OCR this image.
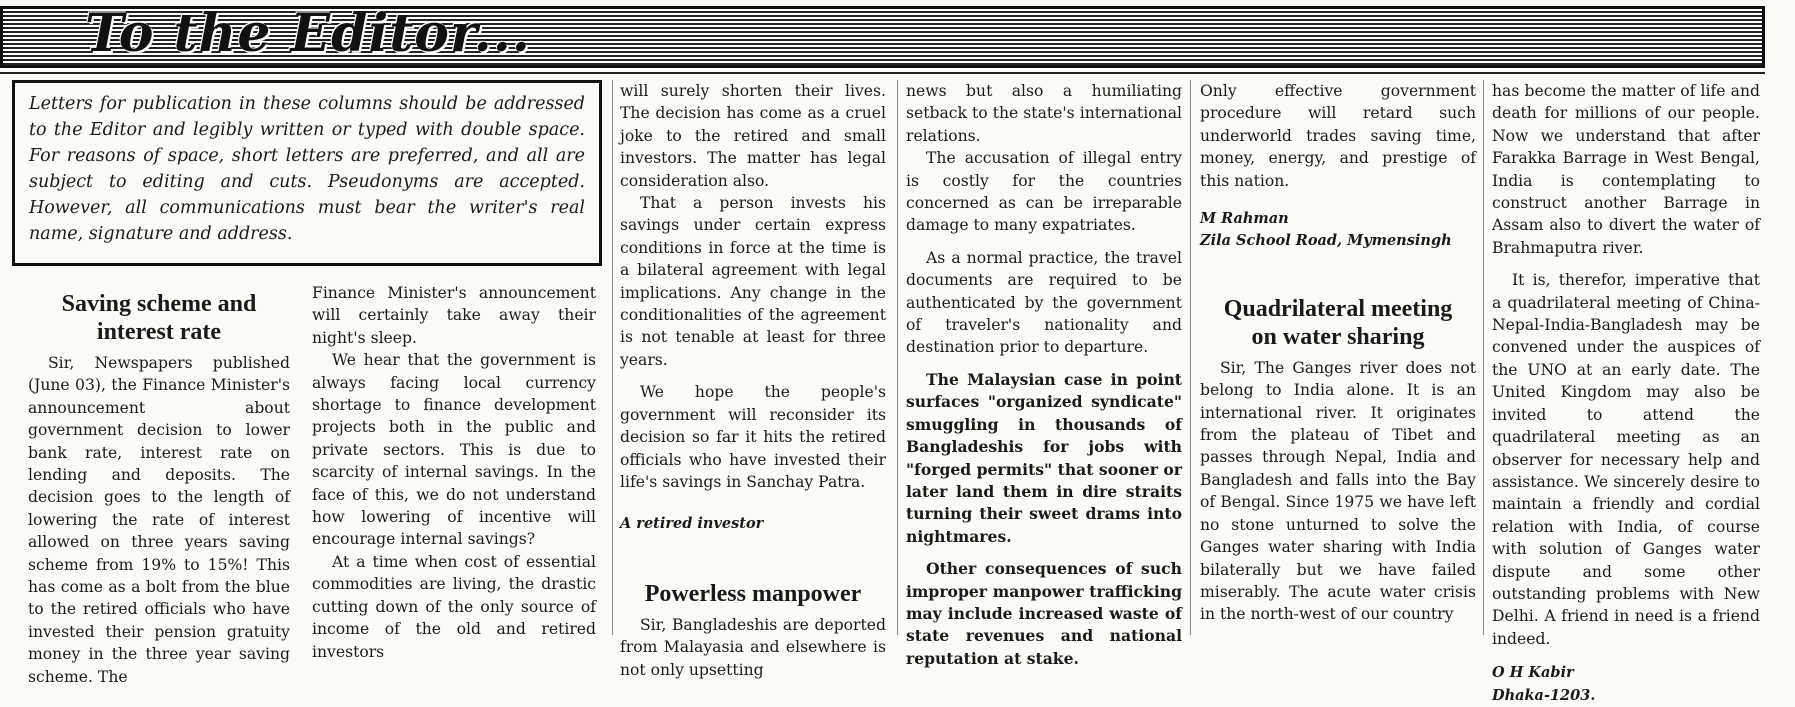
To the Editor...
Letters for publication in these columns should be addressed to the Editor and legibly written or typed with double space. For reasons of space, short letters are preferred, and all are subject to editing and cuts. Pseudonyms are accepted. However, all communications must bear the writer's real name, signature and address.
Saving scheme and interest rate

Sir, Newspapers published (June 03), the Finance Minister's announcement about government decision to lower bank rate, interest rate on lending and deposits. The decision goes to the length of lowering the rate of interest allowed on three years saving scheme from 19% to 15%! This has come as a bolt from the blue to the retired officials who have invested their pension gratuity money in the three year saving scheme. The

Finance Minister's announcement will certainly take away their night's sleep.

We hear that the government is always facing local currency shortage to finance development projects both in the public and private sectors. This is due to scarcity of internal savings. In the face of this, we do not understand how lowering of incentive will encourage internal savings?

At a time when cost of essential commodities are living, the drastic cutting down of the only source of income of the old and retired investors

will surely shorten their lives. The decision has come as a cruel joke to the retired and small investors. The matter has legal consideration also.

That a person invests his savings under certain express conditions in force at the time is a bilateral agreement with legal implications. Any change in the conditionalities of the agreement is not tenable at least for three years.

We hope the people's government will reconsider its decision so far it hits the retired officials who have invested their life's savings in Sanchay Patra.

A retired investor

Powerless manpower

Sir, Bangladeshis are deported from Malayasia and elsewhere is not only upsetting

news but also a humiliating setback to the state's international relations.

The accusation of illegal entry is costly for the countries concerned as can be irreparable damage to many expatriates.

As a normal practice, the travel documents are required to be authenticated by the government of traveler's nationality and destination prior to departure.

The Malaysian case in point surfaces "organized syndicate" smuggling in thousands of Bangladeshis for jobs with "forged permits" that sooner or later land them in dire straits turning their sweet drams into nightmares.

Other consequences of such improper manpower trafficking may include increased waste of state revenues and national reputation at stake.

Only effective government procedure will retard such underworld trades saving time, money, energy, and prestige of this nation.

M Rahman

Zila School Road, Mymensingh

Quadrilateral meeting on water sharing

Sir, The Ganges river does not belong to India alone. It is an international river. It originates from the plateau of Tibet and passes through Nepal, India and Bangladesh and falls into the Bay of Bengal. Since 1975 we have left no stone unturned to solve the Ganges water sharing with India bilaterally but we have failed miserably. The acute water crisis in the north-west of our country

has become the matter of life and death for millions of our people. Now we understand that after Farakka Barrage in West Bengal, India is contemplating to construct another Barrage in Assam also to divert the water of Brahmaputra river.

It is, therefor, imperative that a quadrilateral meeting of China-Nepal-India-Bangladesh may be convened under the auspices of the UNO at an early date. The United Kingdom may also be invited to attend the quadrilateral meeting as an observer for necessary help and assistance. We sincerely desire to maintain a friendly and cordial relation with India, of course with solution of Ganges water dispute and some other outstanding problems with New Delhi. A friend in need is a friend indeed.

O H Kabir

Dhaka-1203.
